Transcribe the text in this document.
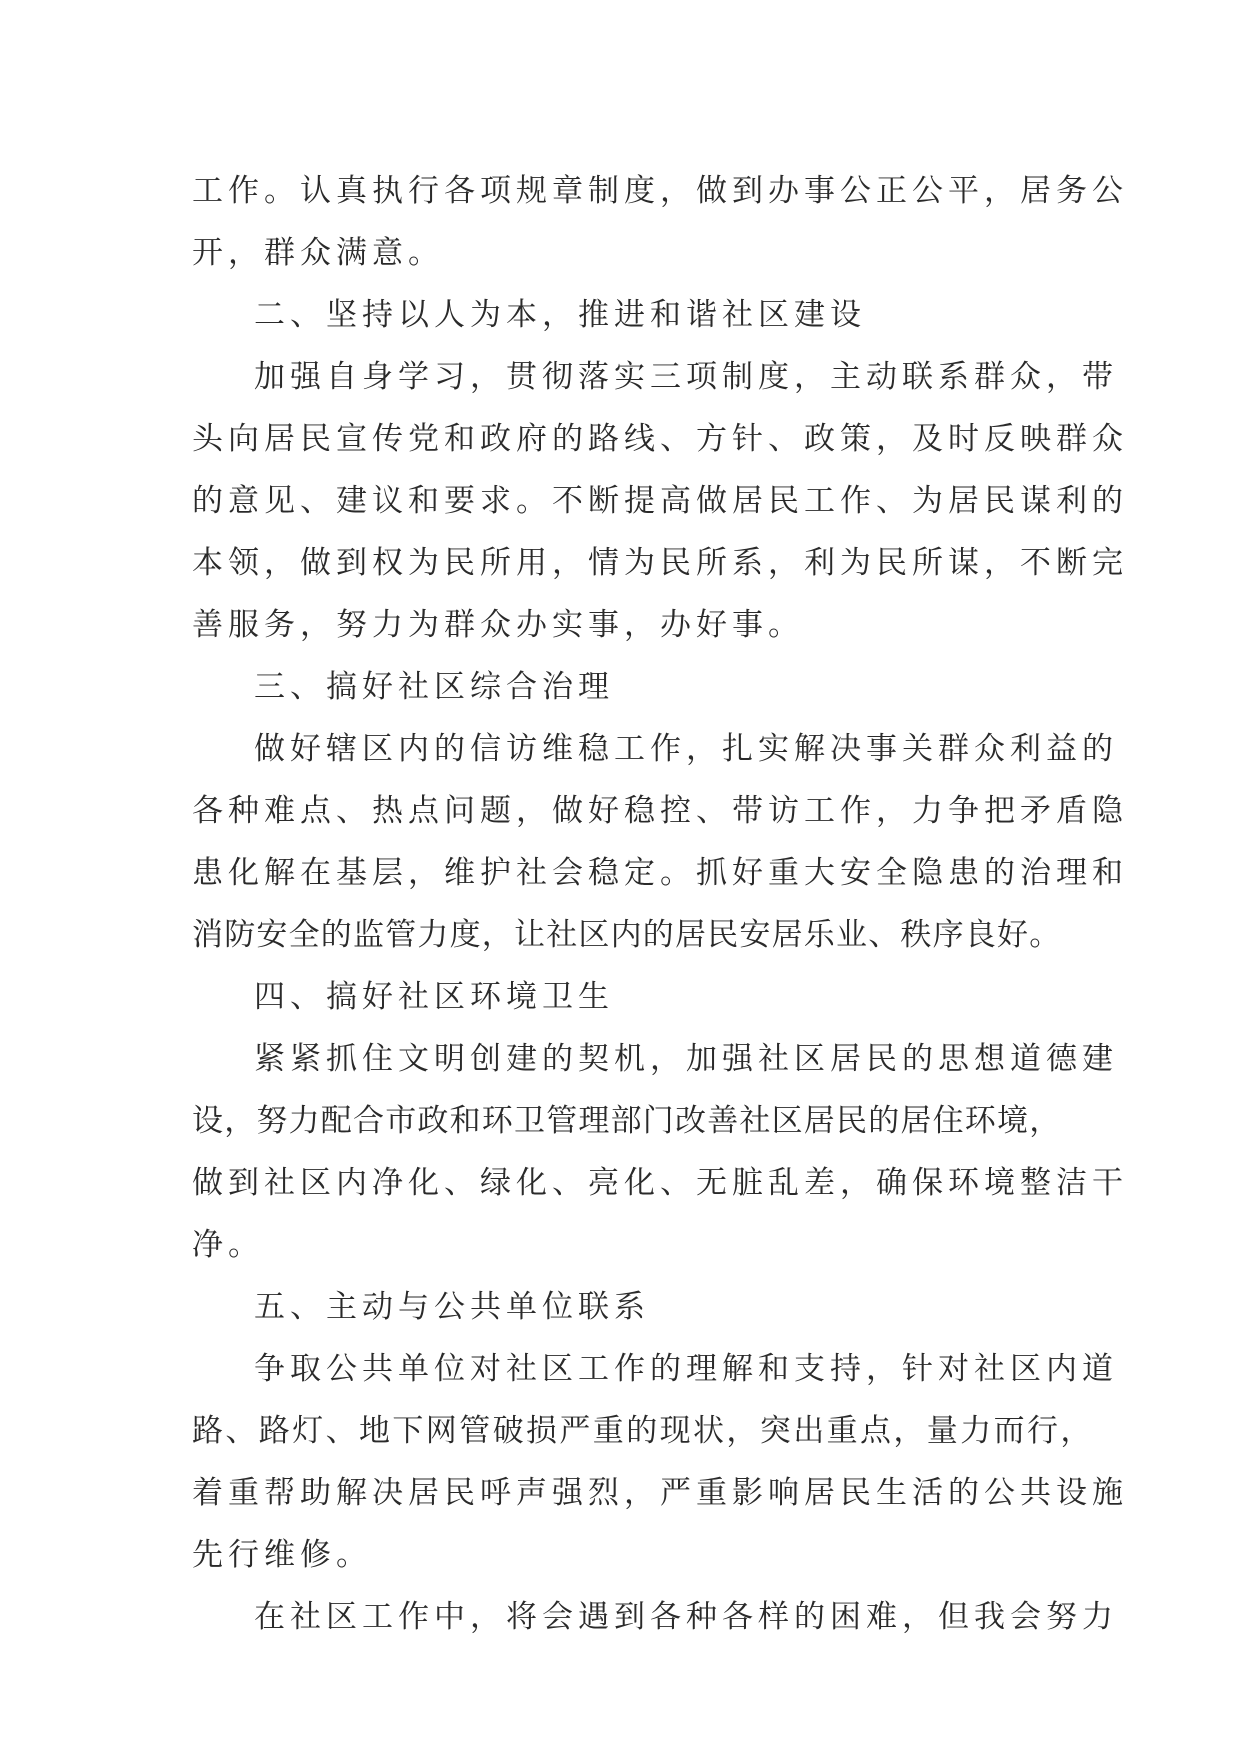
工作。认真执行各项规章制度，做到办事公正公平，居务公
开，群众满意。
二、坚持以人为本，推进和谐社区建设
加强自身学习，贯彻落实三项制度，主动联系群众，带
头向居民宣传党和政府的路线、方针、政策，及时反映群众
的意见、建议和要求。不断提高做居民工作、为居民谋利的
本领，做到权为民所用，情为民所系，利为民所谋，不断完
善服务，努力为群众办实事，办好事。
三、搞好社区综合治理
做好辖区内的信访维稳工作，扎实解决事关群众利益的
各种难点、热点问题，做好稳控、带访工作，力争把矛盾隐
患化解在基层，维护社会稳定。抓好重大安全隐患的治理和
消防安全的监管力度，让社区内的居民安居乐业、秩序良好。
四、搞好社区环境卫生
紧紧抓住文明创建的契机，加强社区居民的思想道德建
设，努力配合市政和环卫管理部门改善社区居民的居住环境，
做到社区内净化、绿化、亮化、无脏乱差，确保环境整洁干
净。
五、主动与公共单位联系
争取公共单位对社区工作的理解和支持，针对社区内道
路、路灯、地下网管破损严重的现状，突出重点，量力而行，
着重帮助解决居民呼声强烈，严重影响居民生活的公共设施
先行维修。
在社区工作中，将会遇到各种各样的困难，但我会努力
